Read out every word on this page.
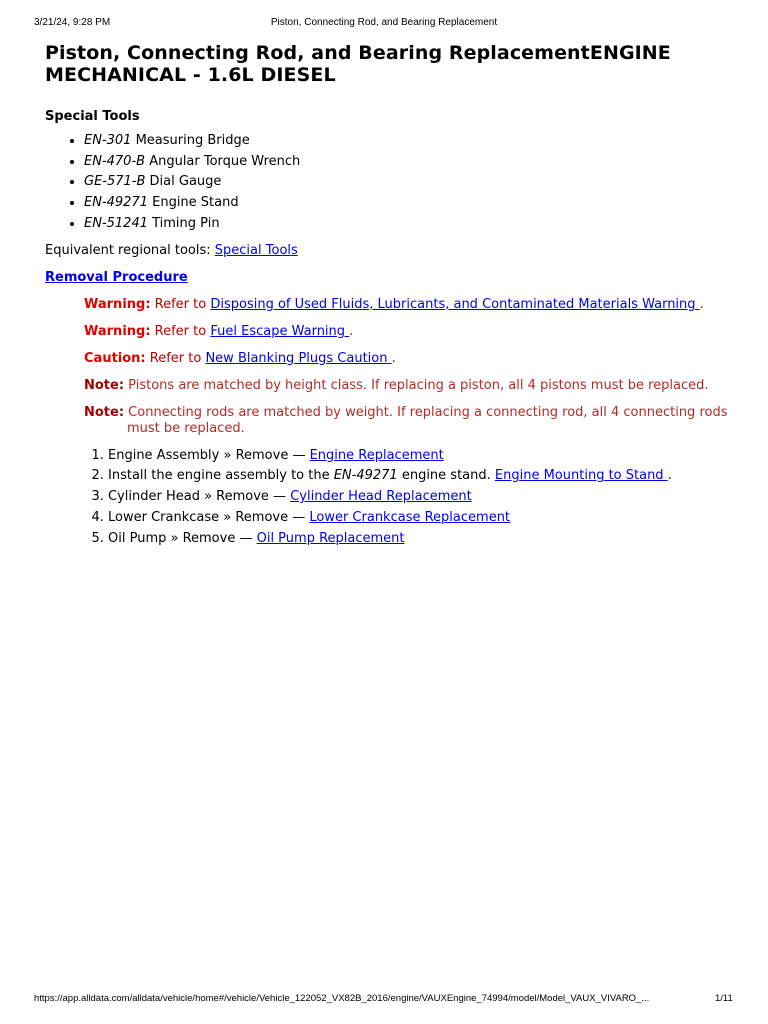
3/21/24, 9:28 PM	Piston, Connecting Rod, and Bearing Replacement
Piston, Connecting Rod, and Bearing ReplacementENGINE MECHANICAL - 1.6L DIESEL
Special Tools
• EN-301 Measuring Bridge
• EN-470-B Angular Torque Wrench
• GE-571-B Dial Gauge
• EN-49271 Engine Stand
• EN-51241 Timing Pin
Equivalent regional tools: Special Tools
Removal Procedure
Warning: Refer to Disposing of Used Fluids, Lubricants, and Contaminated Materials Warning .
Warning: Refer to Fuel Escape Warning .
Caution: Refer to New Blanking Plugs Caution .
Note: Pistons are matched by height class. If replacing a piston, all 4 pistons must be replaced.
Note: Connecting rods are matched by weight. If replacing a connecting rod, all 4 connecting rods must be replaced.
1. Engine Assembly » Remove — Engine Replacement
2. Install the engine assembly to the EN-49271 engine stand. Engine Mounting to Stand .
3. Cylinder Head » Remove — Cylinder Head Replacement
4. Lower Crankcase » Remove — Lower Crankcase Replacement
5. Oil Pump » Remove — Oil Pump Replacement
https://app.alldata.com/alldata/vehicle/home#/vehicle/Vehicle_122052_VX82B_2016/engine/VAUXEngine_74994/model/Model_VAUX_VIVARO_...	1/11
